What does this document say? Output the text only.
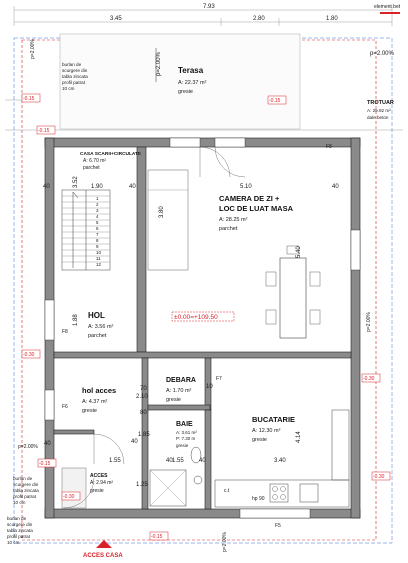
7.93
3.45	2.80	1.80
element bet
Terasa
A: 22.37 m²
gresie
p=2.00%	p=2.00%
p=2.00%
burlan de
scurgere din
tabla zincata
profil patrat
10 cm
-0.15
-0.15
-0.15	TROTUAR
A: 29.92 m²
dale beton
CASA SCARII+CIRCULATII
A: 6.70 m²
parchet
1
2
3
4
5
6
7
8
9
10
11
12
CAMERA DE ZI +
LOC DE LUAT MASA
A: 28.25 m²
parchet
±0.00=+109.50
HOL
A: 3.56 m²
parchet
hol acces
A: 4.37 m²
gresie
DEBARA
A: 1.70 m²
gresie
BAIE
A: 3.61 m²
P: 7.30 m
gresie
BUCATARIE
A: 12.30 m²
gresie
c.t
ACCES
A: 2.94 m²
gresie
p=2.00%
burlan de
scurgere din
tabla zincata
profil patrat
10 cm
burlan de
scurgere din
tabla zincata
profil patrat
10 cm
-0.30
-0.30
-0.30
-0.30
-0.15
-0.15
40	40	40
40	40
40	40
1.90	5.10
3.80
5.40
3.52
1.88
70
2.10
80
4.14
3.40
1.55
1.55
10
1.85
1.25
F8
F8
F5
F6
F7
hp 90
p=2.00%
p=2.00%
ACCES CASA
